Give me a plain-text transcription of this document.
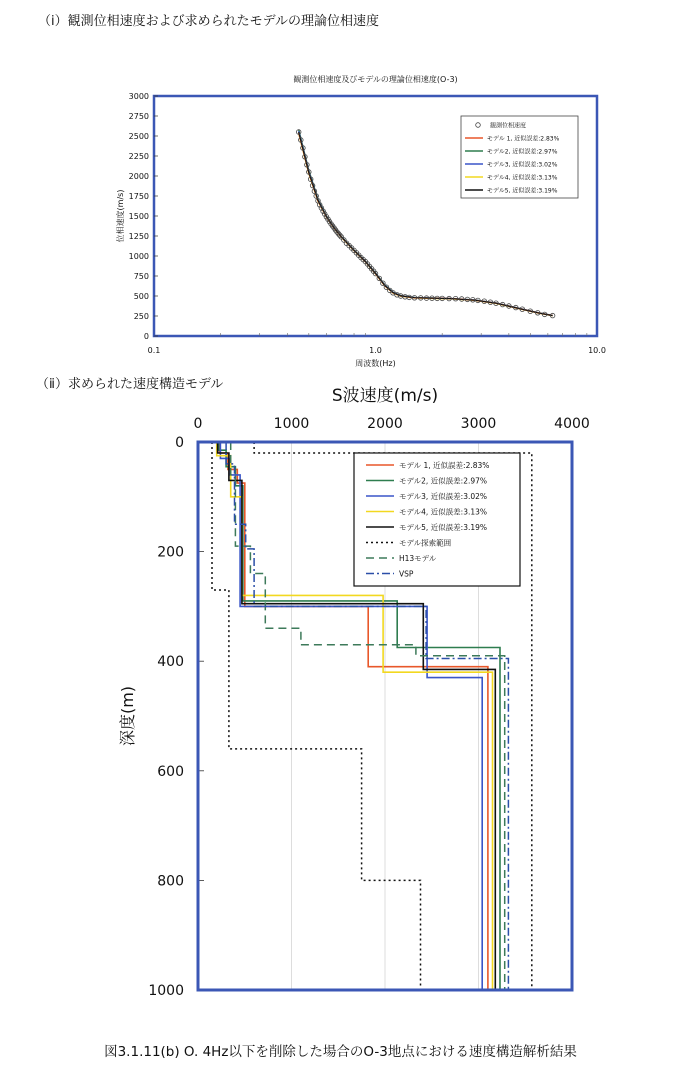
（ⅰ）観測位相速度および求められたモデルの理論位相速度
（ⅱ）求められた速度構造モデル
図3.1.11(b) O. 4Hz以下を削除した場合のO-3地点における速度構造解析結果
観測位相速度及びモデルの理論位相速度(O-3)
0
250
500
750
1000
1250
1500
1750
2000
2250
2500
2750
3000
0.1	1.0	10.0
周波数(Hz)
位相速度(m/s)
観測位相速度
モデル 1, 近似誤差:2.83%
モデル2, 近似誤差:2.97%
モデル3, 近似誤差:3.02%
モデル4, 近似誤差:3.13%
モデル5, 近似誤差:3.19%
S波速度(m/s)
0	1000	2000	3000	4000
0
200
400
600
800
1000
深度(m)
モデル 1, 近似誤差:2.83%
モデル2, 近似誤差:2.97%
モデル3, 近似誤差:3.02%
モデル4, 近似誤差:3.13%
モデル5, 近似誤差:3.19%
モデル探索範囲
H13モデル
VSP
